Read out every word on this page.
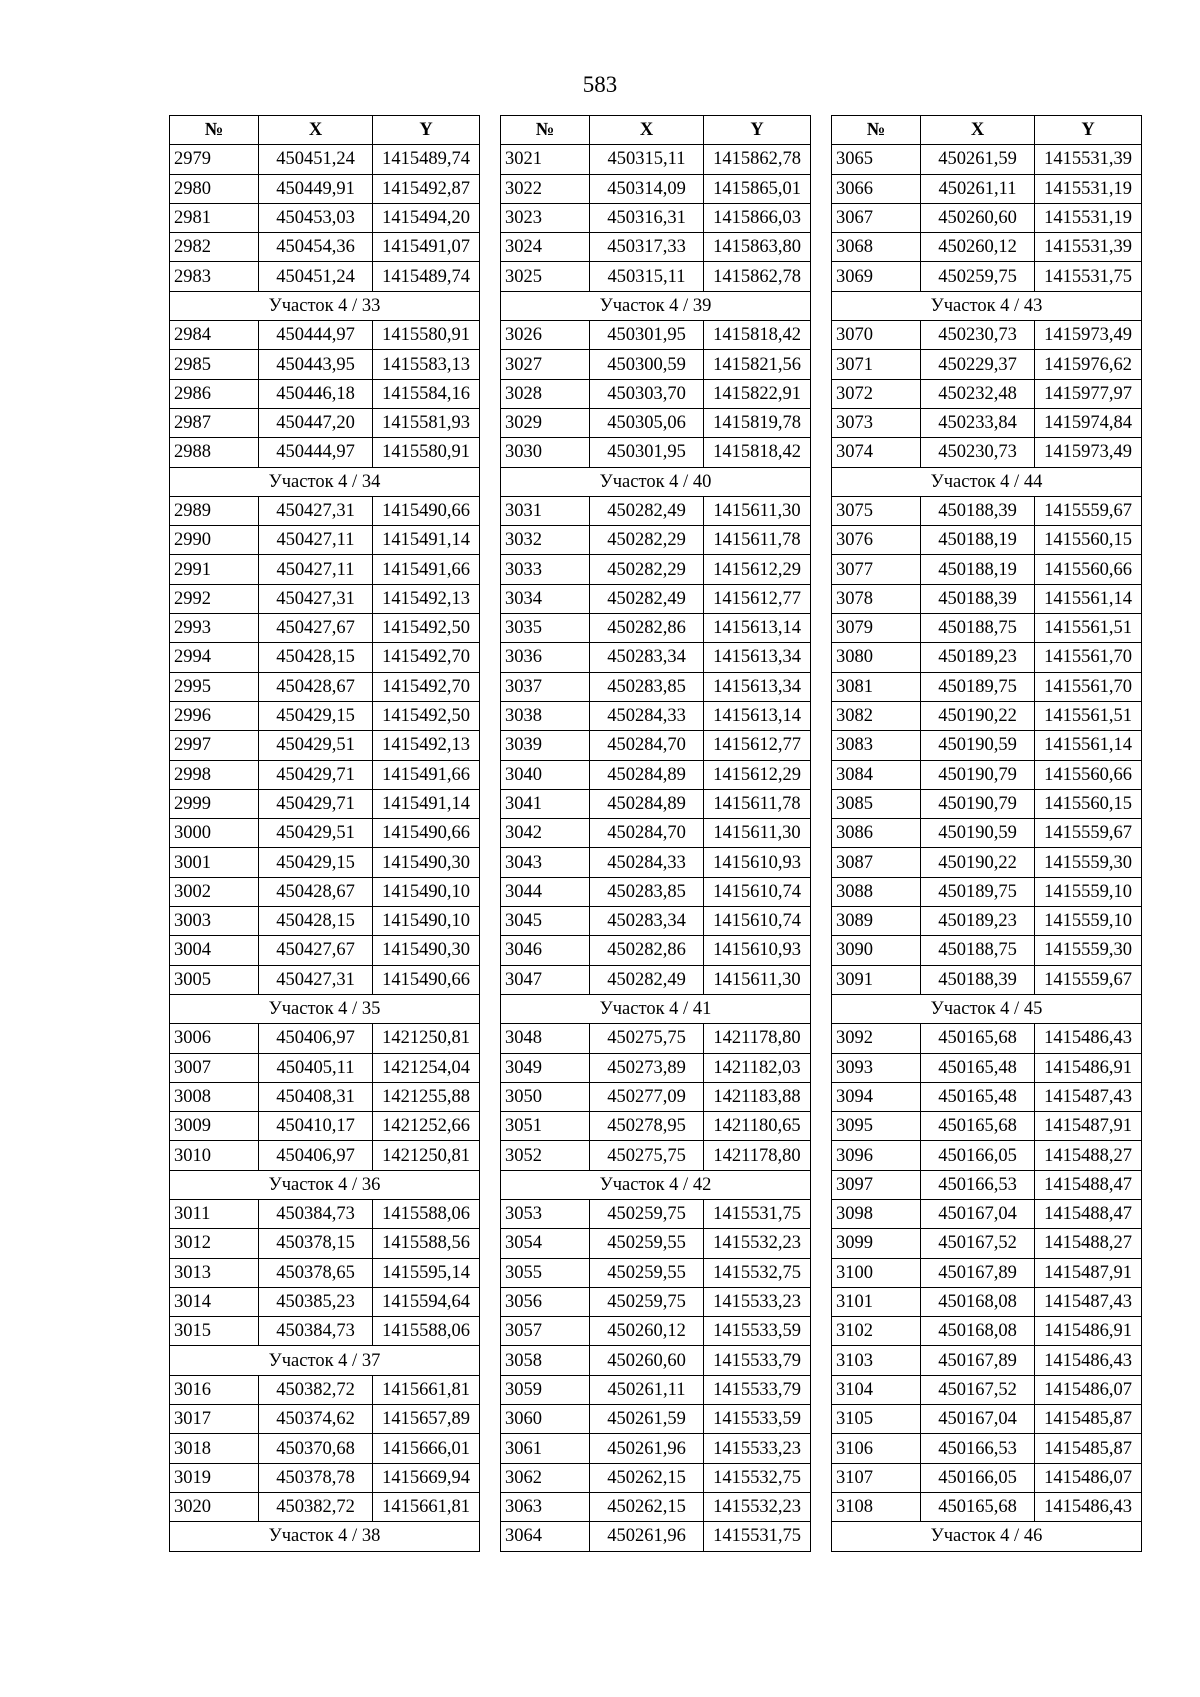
583
№	X	Y
2979	450451,24	1415489,74
2980	450449,91	1415492,87
2981	450453,03	1415494,20
2982	450454,36	1415491,07
2983	450451,24	1415489,74
Участок 4 / 33		
2984	450444,97	1415580,91
2985	450443,95	1415583,13
2986	450446,18	1415584,16
2987	450447,20	1415581,93
2988	450444,97	1415580,91
Участок 4 / 34		
2989	450427,31	1415490,66
2990	450427,11	1415491,14
2991	450427,11	1415491,66
2992	450427,31	1415492,13
2993	450427,67	1415492,50
2994	450428,15	1415492,70
2995	450428,67	1415492,70
2996	450429,15	1415492,50
2997	450429,51	1415492,13
2998	450429,71	1415491,66
2999	450429,71	1415491,14
3000	450429,51	1415490,66
3001	450429,15	1415490,30
3002	450428,67	1415490,10
3003	450428,15	1415490,10
3004	450427,67	1415490,30
3005	450427,31	1415490,66
Участок 4 / 35		
3006	450406,97	1421250,81
3007	450405,11	1421254,04
3008	450408,31	1421255,88
3009	450410,17	1421252,66
3010	450406,97	1421250,81
Участок 4 / 36		
3011	450384,73	1415588,06
3012	450378,15	1415588,56
3013	450378,65	1415595,14
3014	450385,23	1415594,64
3015	450384,73	1415588,06
Участок 4 / 37		
3016	450382,72	1415661,81
3017	450374,62	1415657,89
3018	450370,68	1415666,01
3019	450378,78	1415669,94
3020	450382,72	1415661,81
Участок 4 / 38		
№	X	Y
3021	450315,11	1415862,78
3022	450314,09	1415865,01
3023	450316,31	1415866,03
3024	450317,33	1415863,80
3025	450315,11	1415862,78
Участок 4 / 39		
3026	450301,95	1415818,42
3027	450300,59	1415821,56
3028	450303,70	1415822,91
3029	450305,06	1415819,78
3030	450301,95	1415818,42
Участок 4 / 40		
3031	450282,49	1415611,30
3032	450282,29	1415611,78
3033	450282,29	1415612,29
3034	450282,49	1415612,77
3035	450282,86	1415613,14
3036	450283,34	1415613,34
3037	450283,85	1415613,34
3038	450284,33	1415613,14
3039	450284,70	1415612,77
3040	450284,89	1415612,29
3041	450284,89	1415611,78
3042	450284,70	1415611,30
3043	450284,33	1415610,93
3044	450283,85	1415610,74
3045	450283,34	1415610,74
3046	450282,86	1415610,93
3047	450282,49	1415611,30
Участок 4 / 41		
3048	450275,75	1421178,80
3049	450273,89	1421182,03
3050	450277,09	1421183,88
3051	450278,95	1421180,65
3052	450275,75	1421178,80
Участок 4 / 42		
3053	450259,75	1415531,75
3054	450259,55	1415532,23
3055	450259,55	1415532,75
3056	450259,75	1415533,23
3057	450260,12	1415533,59
3058	450260,60	1415533,79
3059	450261,11	1415533,79
3060	450261,59	1415533,59
3061	450261,96	1415533,23
3062	450262,15	1415532,75
3063	450262,15	1415532,23
3064	450261,96	1415531,75
№	X	Y
3065	450261,59	1415531,39
3066	450261,11	1415531,19
3067	450260,60	1415531,19
3068	450260,12	1415531,39
3069	450259,75	1415531,75
Участок 4 / 43		
3070	450230,73	1415973,49
3071	450229,37	1415976,62
3072	450232,48	1415977,97
3073	450233,84	1415974,84
3074	450230,73	1415973,49
Участок 4 / 44		
3075	450188,39	1415559,67
3076	450188,19	1415560,15
3077	450188,19	1415560,66
3078	450188,39	1415561,14
3079	450188,75	1415561,51
3080	450189,23	1415561,70
3081	450189,75	1415561,70
3082	450190,22	1415561,51
3083	450190,59	1415561,14
3084	450190,79	1415560,66
3085	450190,79	1415560,15
3086	450190,59	1415559,67
3087	450190,22	1415559,30
3088	450189,75	1415559,10
3089	450189,23	1415559,10
3090	450188,75	1415559,30
3091	450188,39	1415559,67
Участок 4 / 45		
3092	450165,68	1415486,43
3093	450165,48	1415486,91
3094	450165,48	1415487,43
3095	450165,68	1415487,91
3096	450166,05	1415488,27
3097	450166,53	1415488,47
3098	450167,04	1415488,47
3099	450167,52	1415488,27
3100	450167,89	1415487,91
3101	450168,08	1415487,43
3102	450168,08	1415486,91
3103	450167,89	1415486,43
3104	450167,52	1415486,07
3105	450167,04	1415485,87
3106	450166,53	1415485,87
3107	450166,05	1415486,07
3108	450165,68	1415486,43
Участок 4 / 46		
